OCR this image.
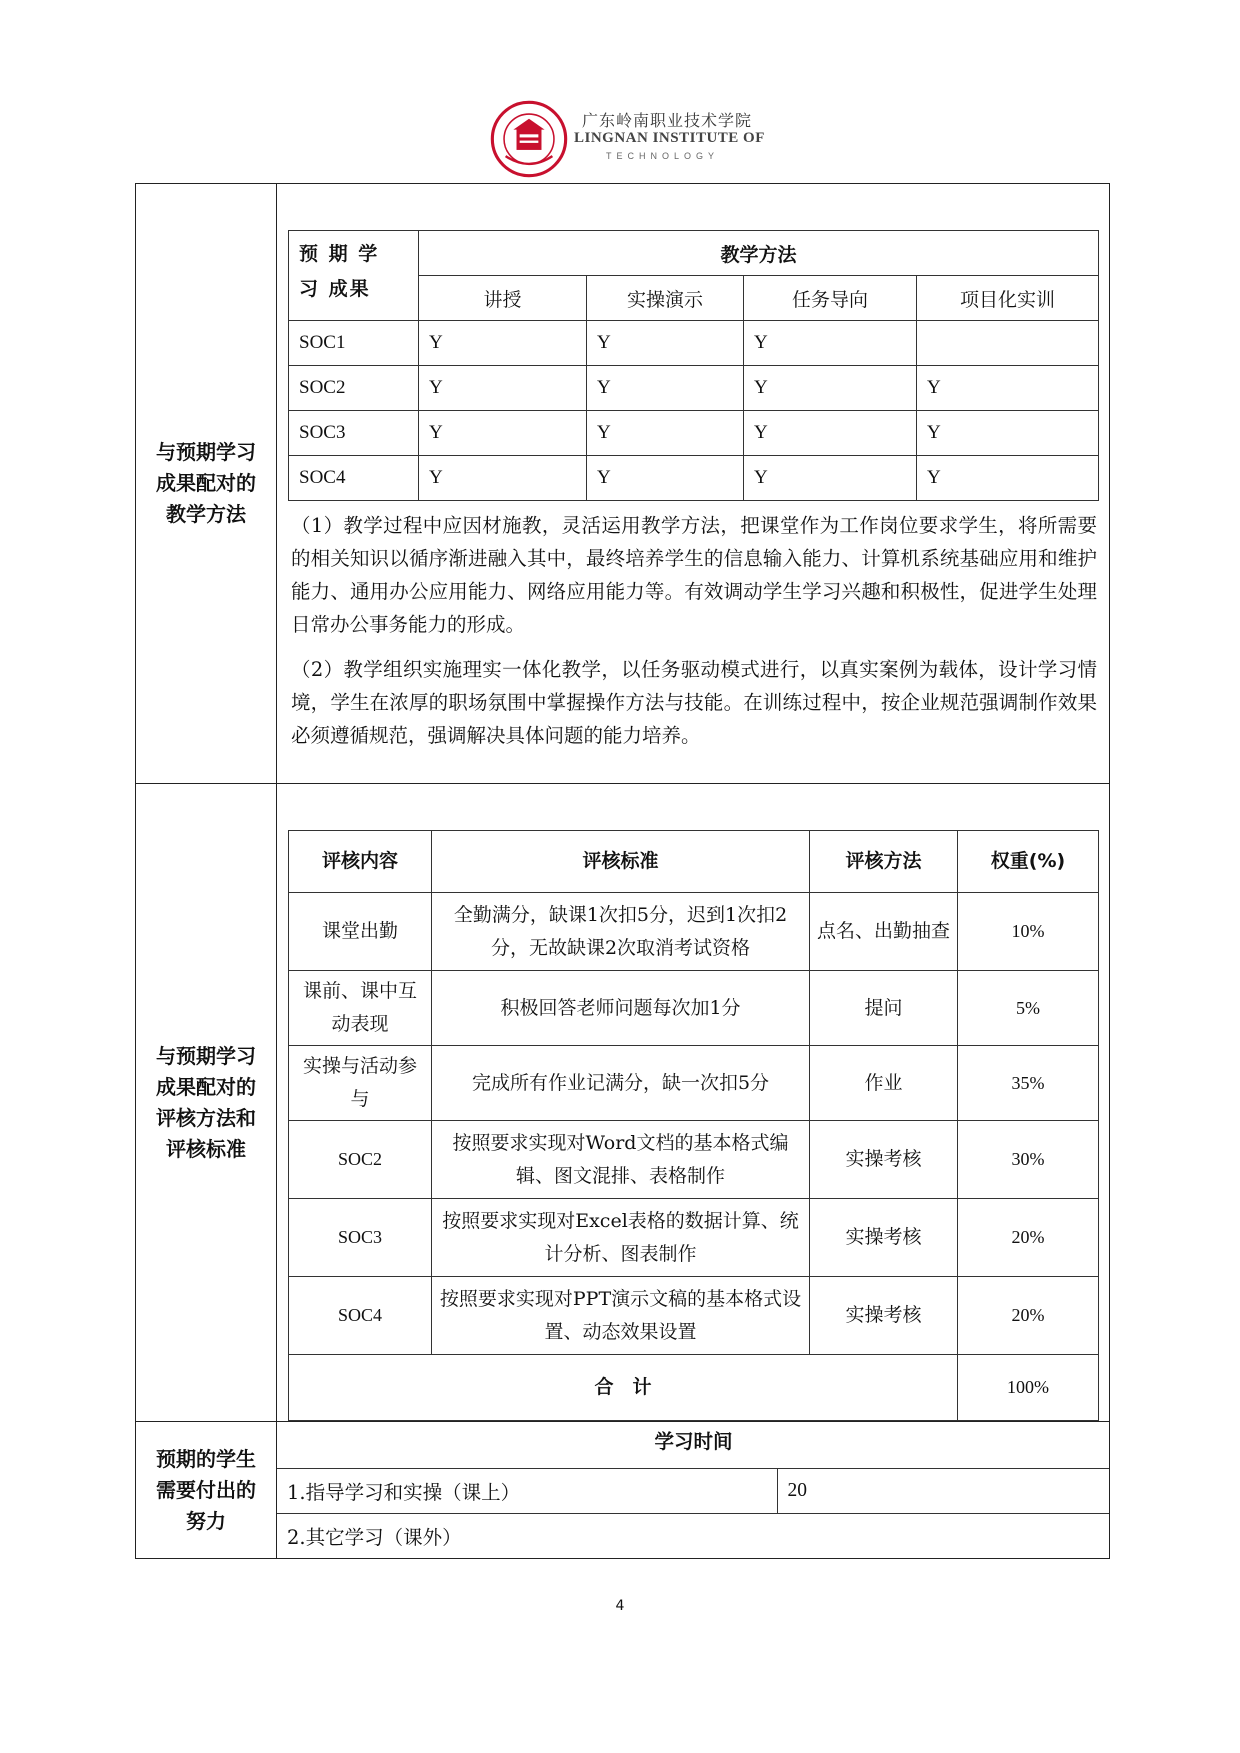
广东岭南职业技术学院
LINGNAN INSTITUTE OF
TECHNOLOGY
与预期学习
成果配对的
教学方法

预 期 学 习 成果	教学方法
讲授	实操演示	任务导向	项目化实训
SOC1	Y	Y	Y	
SOC2	Y	Y	Y	Y
SOC3	Y	Y	Y	Y
SOC4	Y	Y	Y	Y

（1）教学过程中应因材施教，灵活运用教学方法，把课堂作为工作岗位要求学生，将所需要的相关知识以循序渐进融入其中，最终培养学生的信息输入能力、计算机系统基础应用和维护能力、通用办公应用能力、网络应用能力等。有效调动学生学习兴趣和积极性，促进学生处理日常办公事务能力的形成。

（2）教学组织实施理实一体化教学，以任务驱动模式进行，以真实案例为载体，设计学习情境，学生在浓厚的职场氛围中掌握操作方法与技能。在训练过程中，按企业规范强调制作效果必须遵循规范，强调解决具体问题的能力培养。

与预期学习
成果配对的
评核方法和
评核标准

评核内容	评核标准	评核方法	权重(%)
课堂出勤	全勤满分，缺课1次扣5分，迟到1次扣2分，无故缺课2次取消考试资格	点名、出勤抽查	10%
课前、课中互动表现	积极回答老师问题每次加1分	提问	5%
实操与活动参与	完成所有作业记满分，缺一次扣5分	作业	35%
SOC2	按照要求实现对Word文档的基本格式编辑、图文混排、表格制作	实操考核	30%
SOC3	按照要求实现对Excel表格的数据计算、统计分析、图表制作	实操考核	20%
SOC4	按照要求实现对PPT演示文稿的基本格式设置、动态效果设置	实操考核	20%
合　计	100%

预期的学生
需要付出的
努力

学习时间
1.指导学习和实操（课上）	20
2.其它学习（课外）
4
